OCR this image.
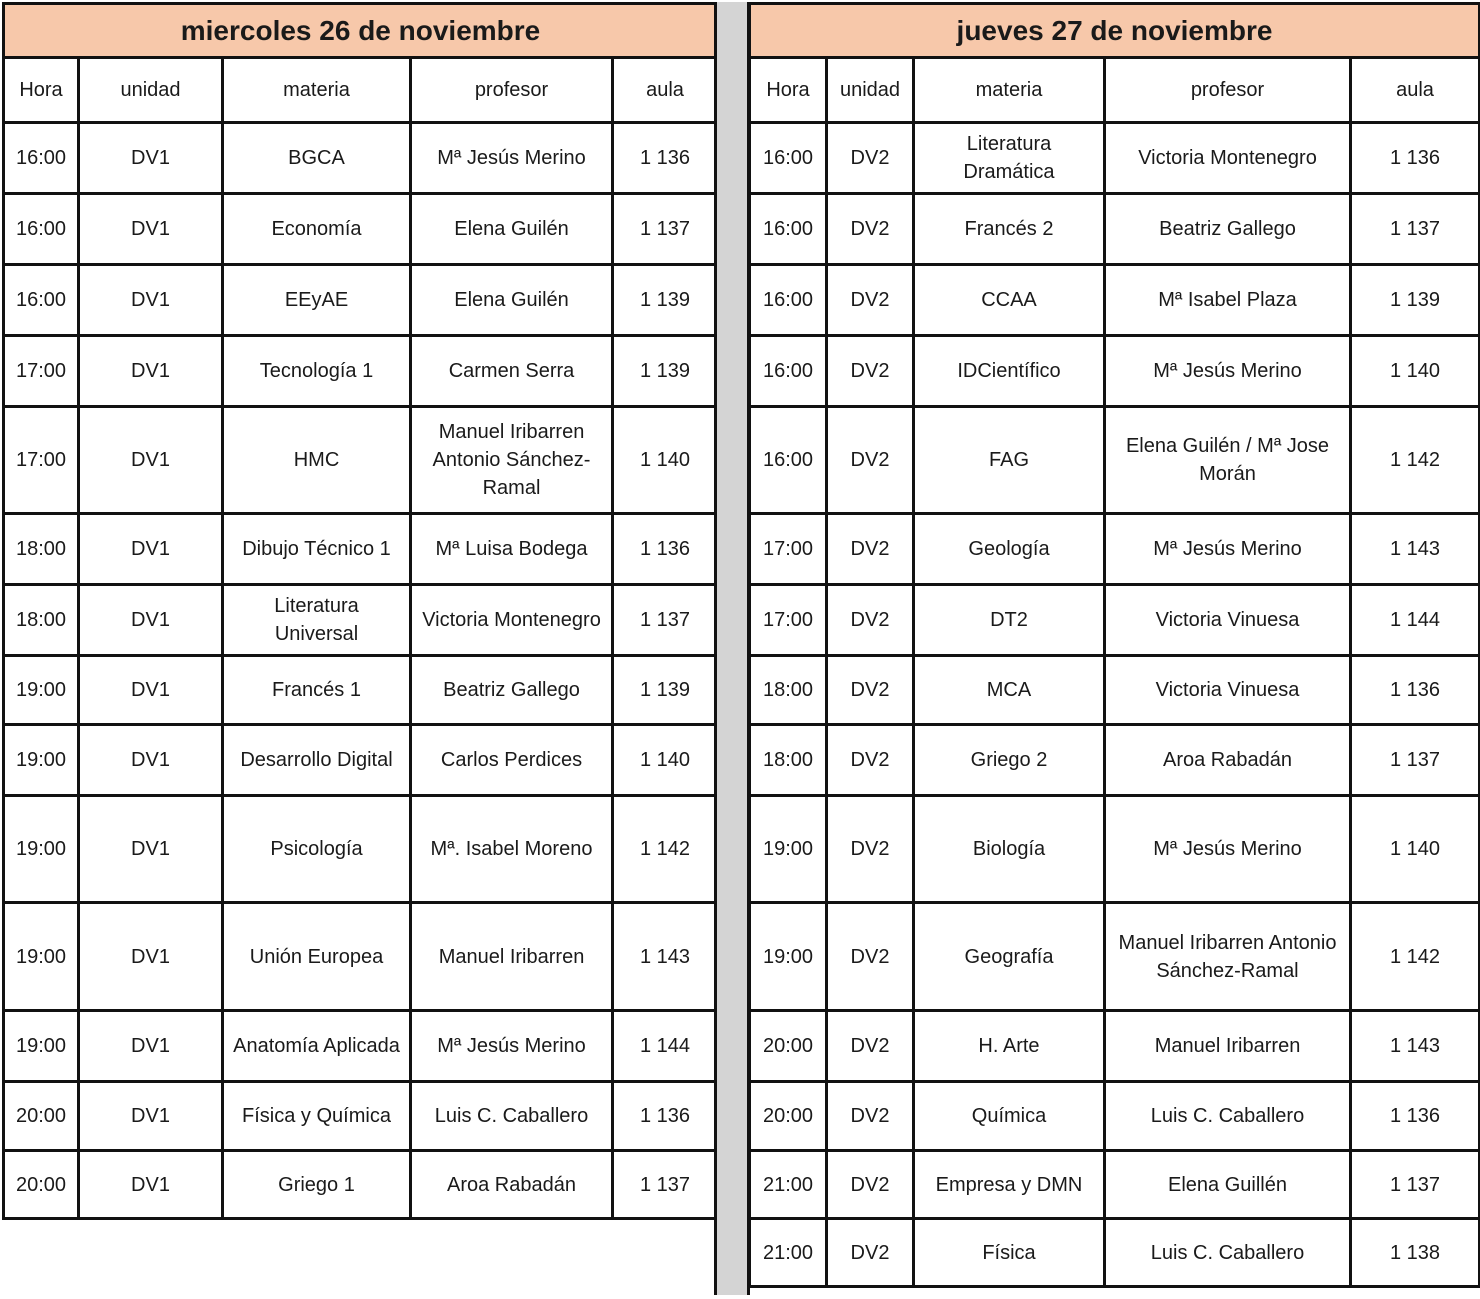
miercoles 26 de noviembre				
Hora	unidad	materia	profesor	aula

16:00	DV1	BGCA	Mª Jesús Merino	1 136

16:00	DV1	Economía	Elena Guilén	1 137

16:00	DV1	EEyAE	Elena Guilén	1 139

17:00	DV1	Tecnología 1	Carmen Serra	1 139

17:00	DV1	HMC	Manuel Iribarren
Antonio Sánchez-
Ramal	1 140

18:00	DV1	Dibujo Técnico 1	Mª Luisa Bodega	1 136

18:00	DV1	Literatura
Universal	Victoria Montenegro	1 137

19:00	DV1	Francés 1	Beatriz Gallego	1 139

19:00	DV1	Desarrollo Digital	Carlos Perdices	1 140

19:00	DV1	Psicología	Mª. Isabel Moreno	1 142

19:00	DV1	Unión Europea	Manuel Iribarren	1 143

19:00	DV1	Anatomía Aplicada	Mª Jesús Merino	1 144

20:00	DV1	Física y Química	Luis C. Caballero	1 136

20:00	DV1	Griego 1	Aroa Rabadán	1 137
jueves 27 de noviembre				
Hora	unidad	materia	profesor	aula

16:00	DV2	Literatura
Dramática	Victoria Montenegro	1 136

16:00	DV2	Francés 2	Beatriz Gallego	1 137

16:00	DV2	CCAA	Mª Isabel Plaza	1 139

16:00	DV2	IDCientífico	Mª Jesús Merino	1 140

16:00	DV2	FAG	Elena Guilén / Mª Jose
Morán	1 142

17:00	DV2	Geología	Mª Jesús Merino	1 143

17:00	DV2	DT2	Victoria Vinuesa	1 144

18:00	DV2	MCA	Victoria Vinuesa	1 136

18:00	DV2	Griego 2	Aroa Rabadán	1 137

19:00	DV2	Biología	Mª Jesús Merino	1 140

19:00	DV2	Geografía	Manuel Iribarren Antonio
Sánchez-Ramal	1 142

20:00	DV2	H. Arte	Manuel Iribarren	1 143

20:00	DV2	Química	Luis C. Caballero	1 136

21:00	DV2	Empresa y DMN	Elena Guillén	1 137

21:00	DV2	Física	Luis C. Caballero	1 138
